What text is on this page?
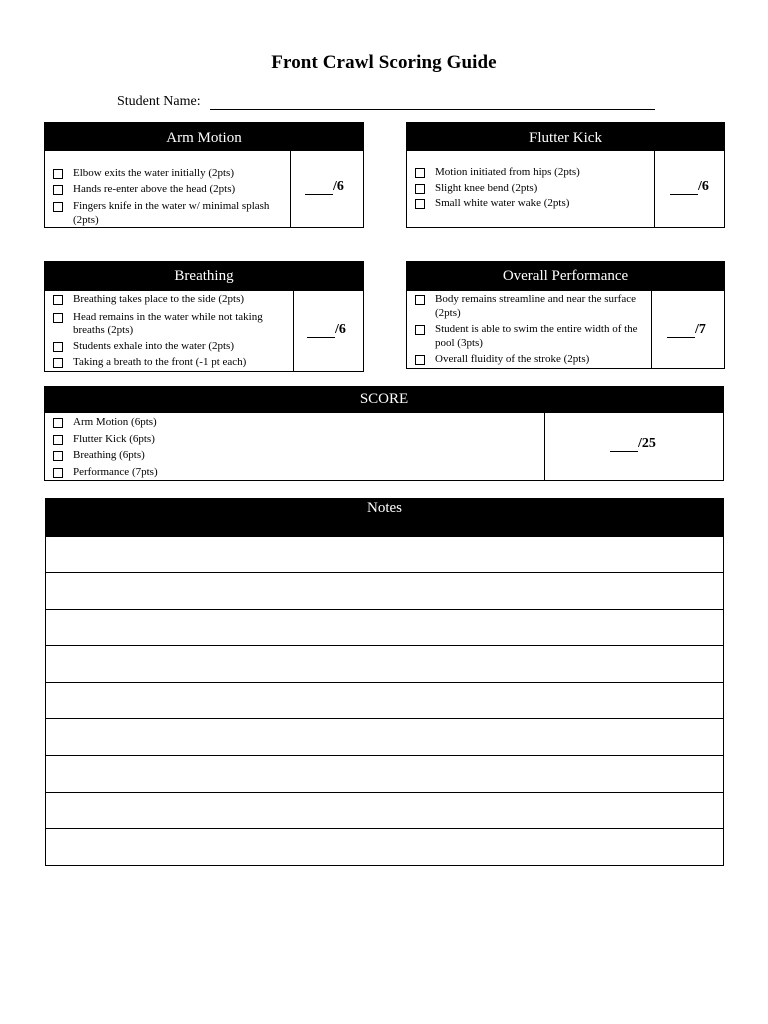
Front Crawl Scoring Guide
Student Name:
Arm Motion
Elbow exits the water initially (2pts)
Hands re-enter above the head (2pts)
Fingers knife in the water w/ minimal splash (2pts)
/6
Flutter Kick
Motion initiated from hips (2pts)
Slight knee bend (2pts)
Small white water wake (2pts)
/6
Breathing
Breathing takes place to the side (2pts)
Head remains in the water while not taking breaths (2pts)
Students exhale into the water (2pts)
Taking a breath to the front (-1 pt each)
/6
Overall Performance
Body remains streamline and near the surface (2pts)
Student is able to swim the entire width of the pool (3pts)
Overall fluidity of the stroke (2pts)
/7
SCORE
Arm Motion (6pts)
Flutter Kick (6pts)
Breathing (6pts)
Performance (7pts)
/25
Notes
